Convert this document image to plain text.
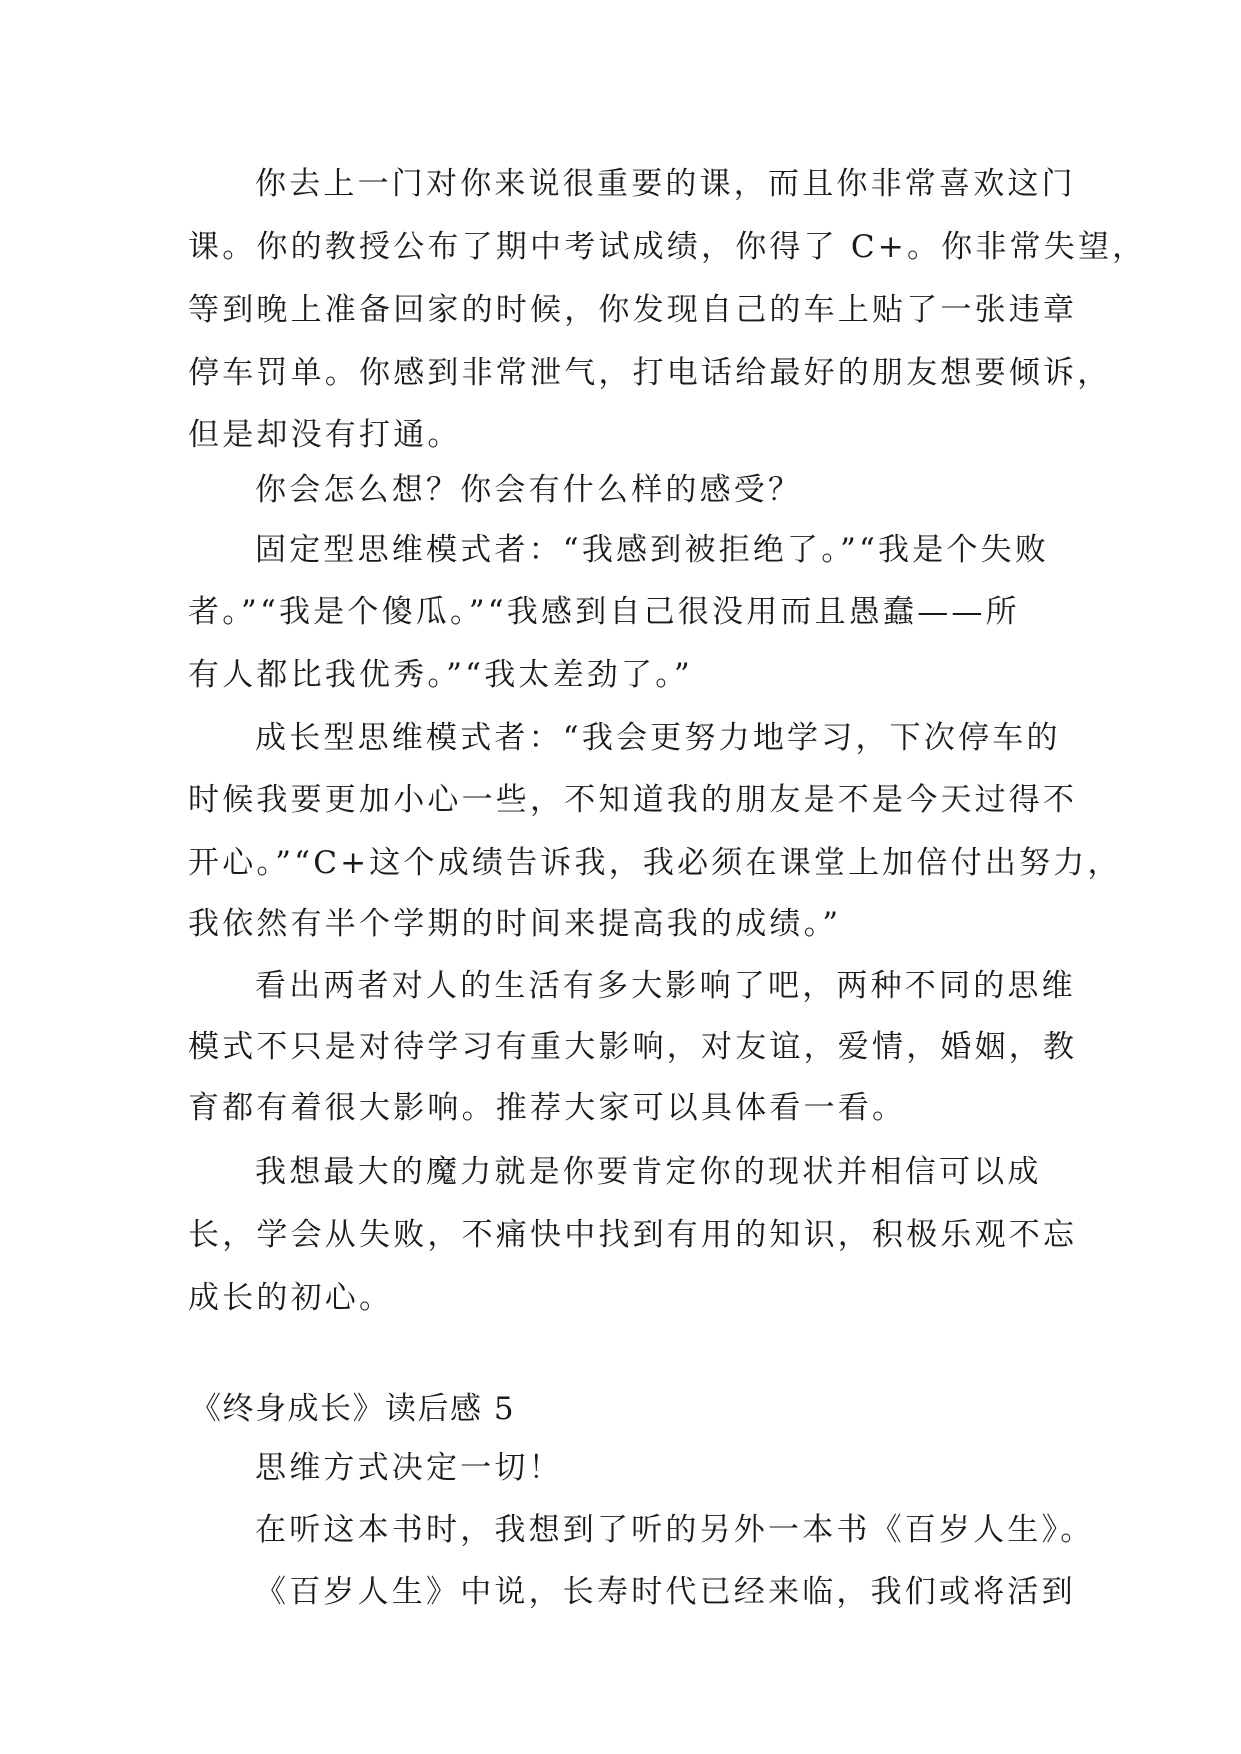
你去上一门对你来说很重要的课，而且你非常喜欢这门
课。你的教授公布了期中考试成绩，你得了 C+。你非常失望，
等到晚上准备回家的时候，你发现自己的车上贴了一张违章
停车罚单。你感到非常泄气，打电话给最好的朋友想要倾诉，
但是却没有打通。
你会怎么想？你会有什么样的感受？
固定型思维模式者：“我感到被拒绝了。”“我是个失败
者。”“我是个傻瓜。”“我感到自己很没用而且愚蠢——所
有人都比我优秀。”“我太差劲了。”
成长型思维模式者：“我会更努力地学习，下次停车的
时候我要更加小心一些，不知道我的朋友是不是今天过得不
开心。”“C+这个成绩告诉我，我必须在课堂上加倍付出努力，
我依然有半个学期的时间来提高我的成绩。”
看出两者对人的生活有多大影响了吧，两种不同的思维
模式不只是对待学习有重大影响，对友谊，爱情，婚姻，教
育都有着很大影响。推荐大家可以具体看一看。
我想最大的魔力就是你要肯定你的现状并相信可以成
长，学会从失败，不痛快中找到有用的知识，积极乐观不忘
成长的初心。
《终身成长》读后感 5
思维方式决定一切！
在听这本书时，我想到了听的另外一本书《百岁人生》。
《百岁人生》中说，长寿时代已经来临，我们或将活到
